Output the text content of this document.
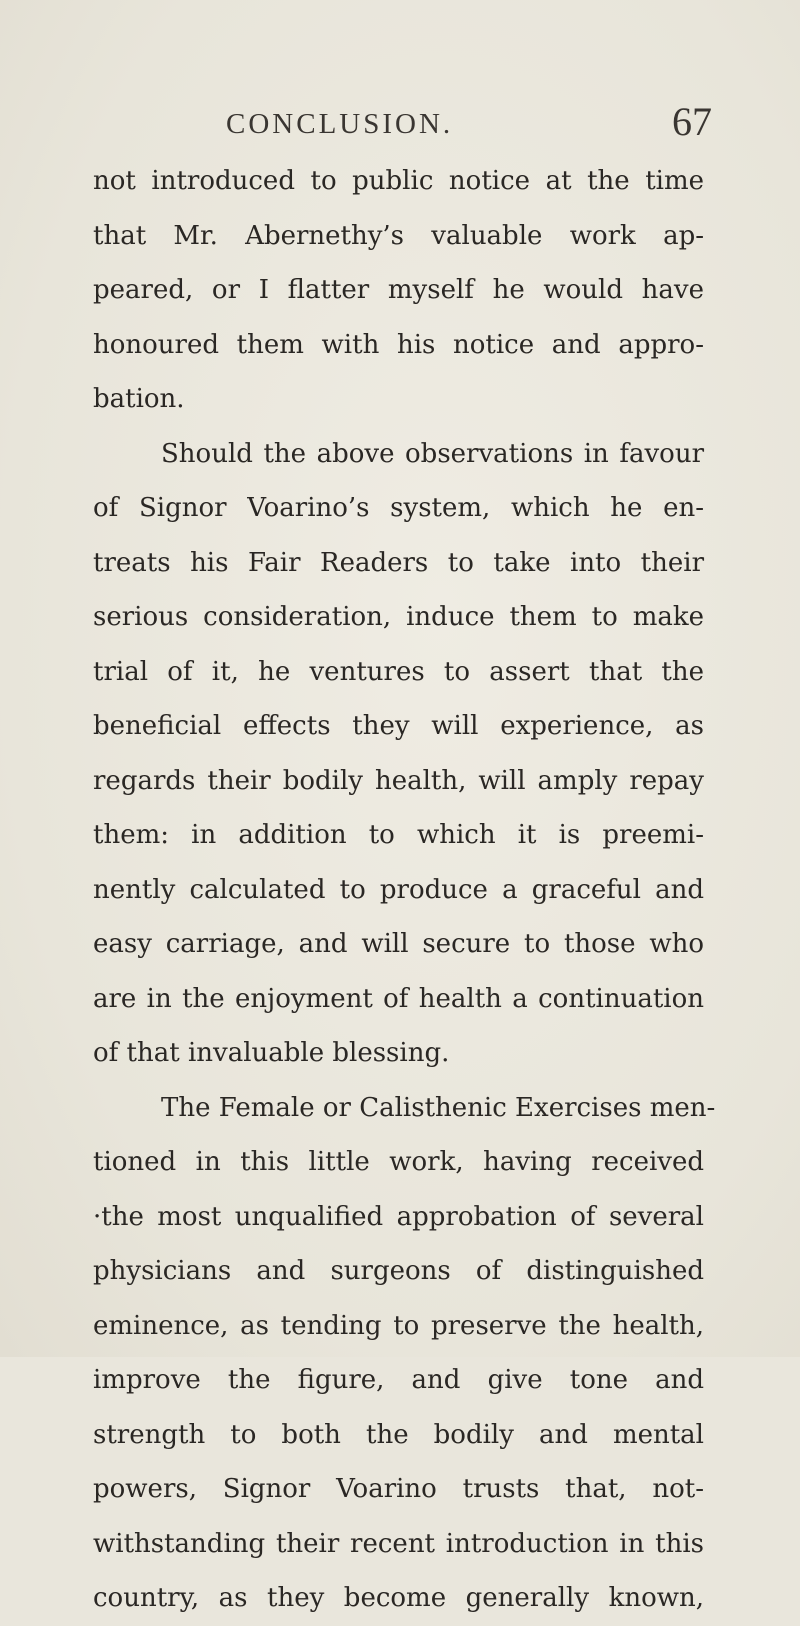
CONCLUSION.	67
not introduced to public notice at the time
that Mr. Abernethy’s valuable work ap-
peared, or I flatter myself he would have
honoured them with his notice and appro-
bation.
Should the above observations in favour
of Signor Voarino’s system, which he en-
treats his Fair Readers to take into their
serious consideration, induce them to make
trial of it, he ventures to assert that the
beneficial effects they will experience, as
regards their bodily health, will amply repay
them: in addition to which it is preemi-
nently calculated to produce a graceful and
easy carriage, and will secure to those who
are in the enjoyment of health a continuation
of that invaluable blessing.
The Female or Calisthenic Exercises men-
tioned in this little work, having received
·the most unqualified approbation of several
physicians and surgeons of distinguished
eminence, as tending to preserve the health,
improve the figure, and give tone and
strength to both the bodily and mental
powers, Signor Voarino trusts that, not-
withstanding their recent introduction in this
country, as they become generally known,
